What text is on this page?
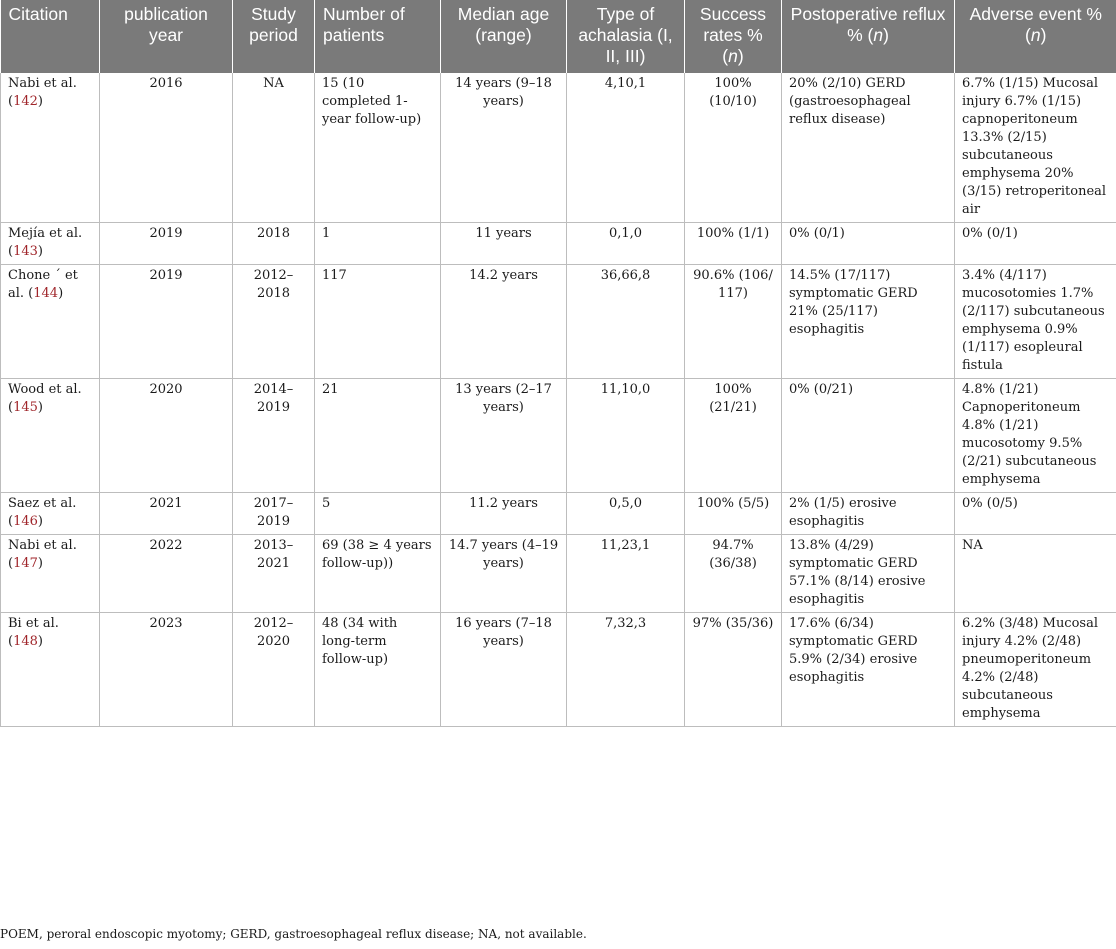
Citation	publication year	Study period	Number of patients	Median age (range)	Type of achalasia (I, II, III)	Success rates % (n)	Postoperative reflux % (n)	Adverse event % (n)
Nabi et al. (142)	2016	NA	15 (10 completed 1-year follow-up)	14 years (9–18 years)	4,10,1	100% (10/10)	20% (2/10) GERD (gastroesophageal reflux disease)	6.7% (1/15) Mucosal injury 6.7% (1/15) capnoperitoneum 13.3% (2/15) subcutaneous emphysema 20% (3/15) retroperitoneal air
Mejía et al. (143)	2019	2018	1	11 years	0,1,0	100% (1/1)	0% (0/1)	0% (0/1)
Chone ´ et al. (144)	2019	2012–2018	117	14.2 years	36,66,8	90.6% (106/ 117)	14.5% (17/117) symptomatic GERD 21% (25/117) esophagitis	3.4% (4/117) mucosotomies 1.7% (2/117) subcutaneous emphysema 0.9% (1/117) esopleural fistula
Wood et al. (145)	2020	2014–2019	21	13 years (2–17 years)	11,10,0	100% (21/21)	0% (0/21)	4.8% (1/21) Capnoperitoneum 4.8% (1/21) mucosotomy 9.5% (2/21) subcutaneous emphysema
Saez et al. (146)	2021	2017–2019	5	11.2 years	0,5,0	100% (5/5)	2% (1/5) erosive esophagitis	0% (0/5)
Nabi et al. (147)	2022	2013–2021	69 (38 ≥ 4 years follow-up))	14.7 years (4–19 years)	11,23,1	94.7% (36/38)	13.8% (4/29) symptomatic GERD 57.1% (8/14) erosive esophagitis	NA
Bi et al. (148)	2023	2012–2020	48 (34 with long-term follow-up)	16 years (7–18 years)	7,32,3	97% (35/36)	17.6% (6/34) symptomatic GERD 5.9% (2/34) erosive esophagitis	6.2% (3/48) Mucosal injury 4.2% (2/48) pneumoperitoneum 4.2% (2/48) subcutaneous emphysema
POEM, peroral endoscopic myotomy; GERD, gastroesophageal reflux disease; NA, not available.
